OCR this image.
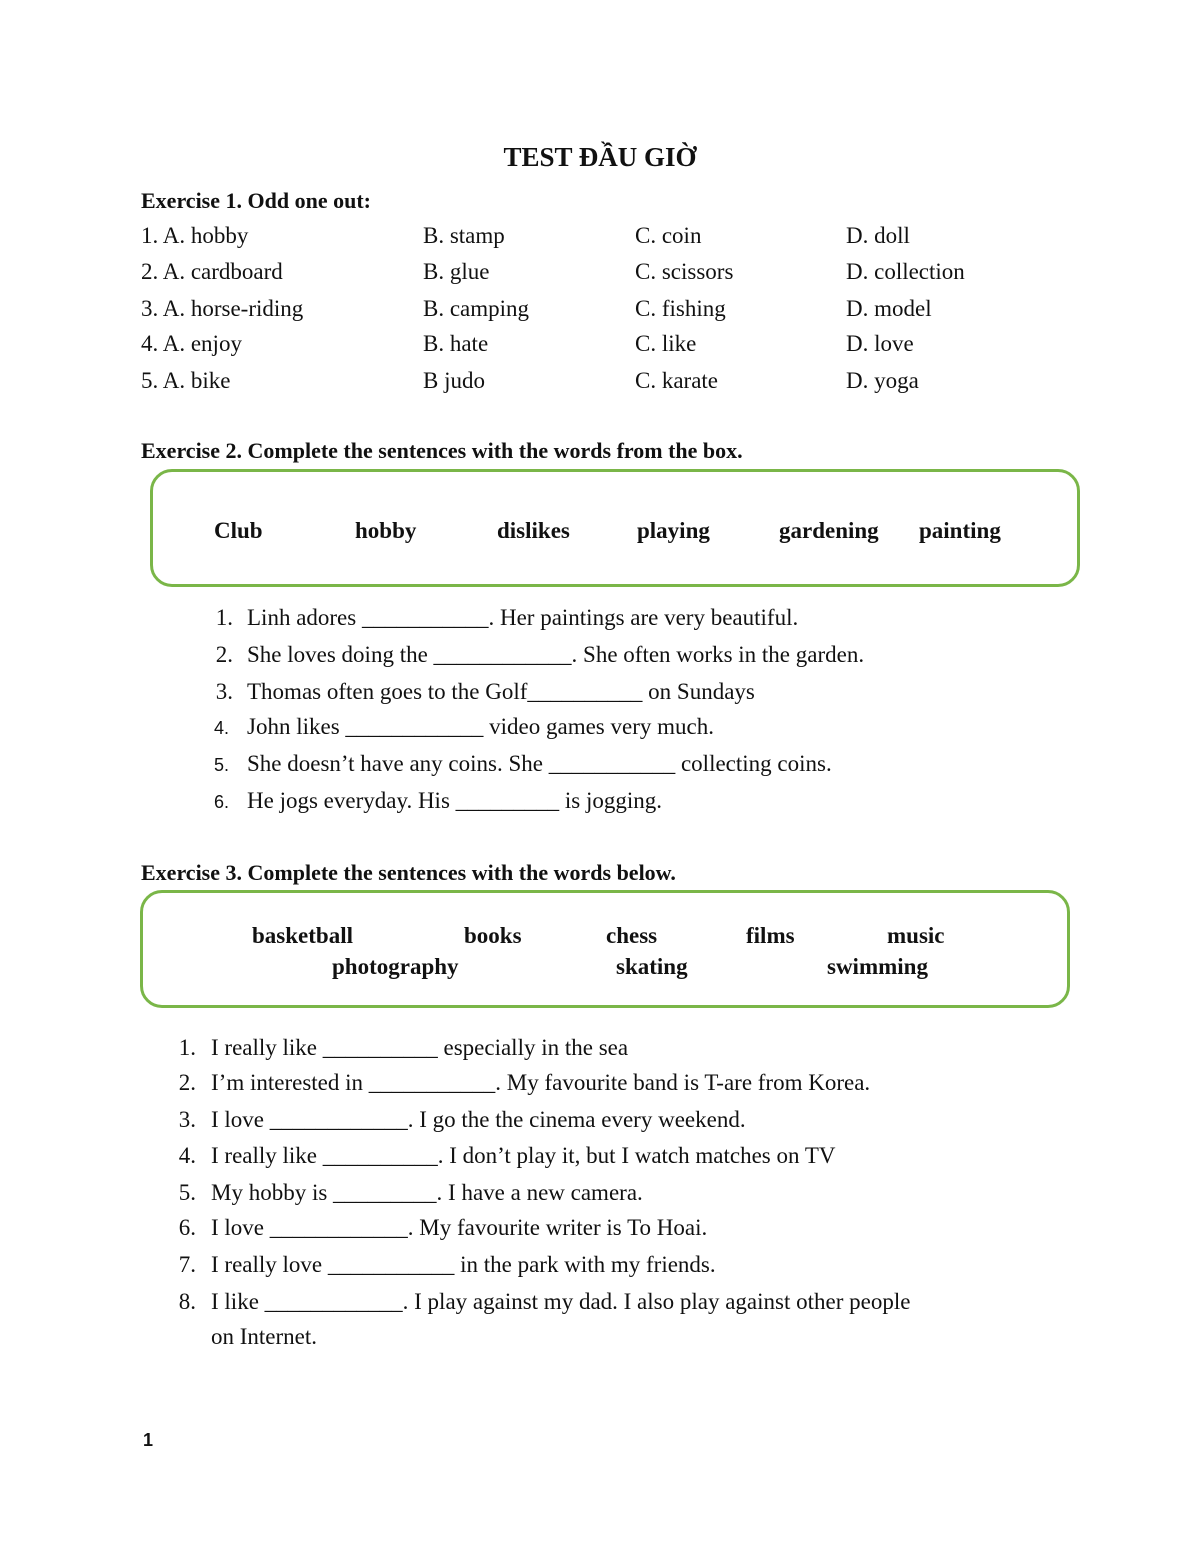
TEST ĐẦU GIỜ
Exercise 1. Odd one out:
1. A. hobby	B. stamp	C. coin	D. doll
2. A. cardboard	B. glue	C. scissors	D. collection
3. A. horse-riding	B. camping	C. fishing	D. model
4. A. enjoy	B. hate	C. like	D. love
5. A. bike	B judo	C. karate	D. yoga
Exercise 2. Complete the sentences with the words from the box.
Club	hobby	dislikes	playing	gardening painting
1. Linh adores ___________. Her paintings are very beautiful.
2. She loves doing the ____________. She often works in the garden.
3. Thomas often goes to the Golf__________ on Sundays
4. John likes ____________ video games very much.
5. She doesn’t have any coins. She ___________ collecting coins.
6. He jogs everyday. His _________ is jogging.
Exercise 3. Complete the sentences with the words below.
basketball	books	chess	films	music
photography	skating	swimming
1. I really like __________ especially in the sea
2. I’m interested in ___________. My favourite band is T-are from Korea.
3. I love ____________. I go the the cinema every weekend.
4. I really like __________. I don’t play it, but I watch matches on TV
5. My hobby is _________. I have a new camera.
6. I love ____________. My favourite writer is To Hoai.
7. I really love ___________ in the park with my friends.
8. I like ____________. I play against my dad. I also play against other people
on Internet.
1
